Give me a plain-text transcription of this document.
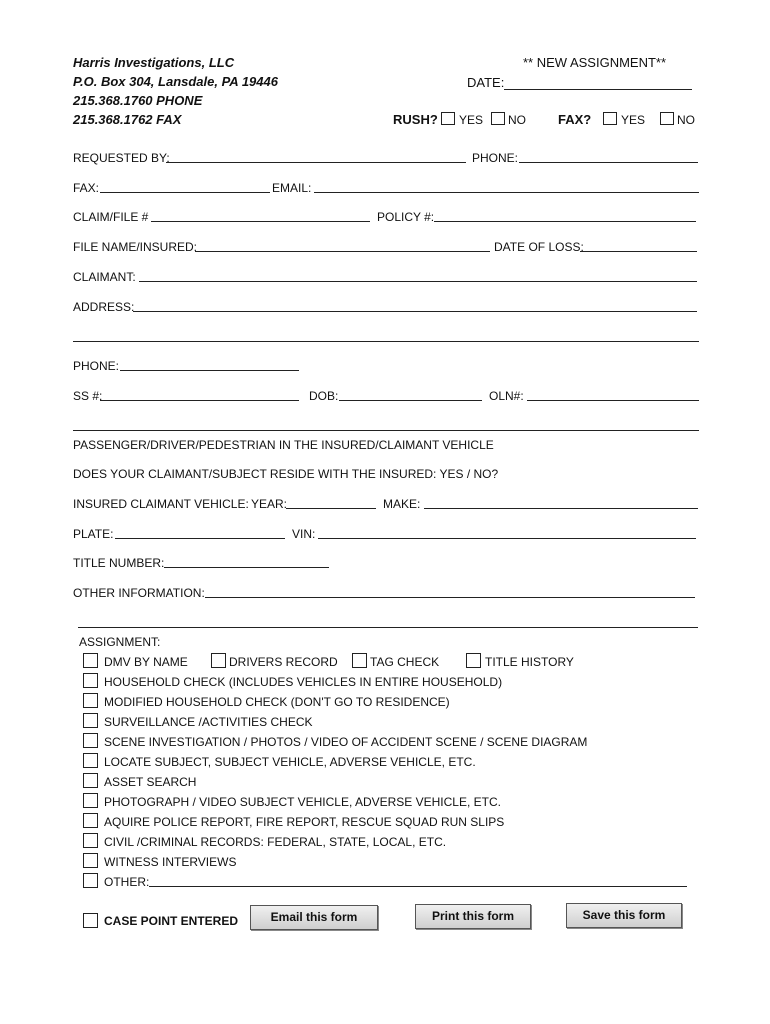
Harris Investigations, LLC
P.O. Box 304, Lansdale, PA 19446
215.368.1760 PHONE
215.368.1762 FAX
** NEW ASSIGNMENT**
DATE:
RUSH? YES NO FAX? YES	NO
REQUESTED BY:	PHONE:
FAX:	EMAIL:
CLAIM/FILE #	POLICY #:
FILE NAME/INSURED:	DATE OF LOSS:
CLAIMANT:
ADDRESS:
PHONE:
SS #:	DOB:	OLN#:
PASSENGER/DRIVER/PEDESTRIAN IN THE INSURED/CLAIMANT VEHICLE
DOES YOUR CLAIMANT/SUBJECT RESIDE WITH THE INSURED: YES / NO?
INSURED CLAIMANT VEHICLE: YEAR:	MAKE:
PLATE:	VIN:
TITLE NUMBER:
OTHER INFORMATION:
ASSIGNMENT:
DMV BY NAME	DRIVERS RECORD	TAG CHECK	TITLE HISTORY
HOUSEHOLD CHECK (INCLUDES VEHICLES IN ENTIRE HOUSEHOLD)
MODIFIED HOUSEHOLD CHECK (DON'T GO TO RESIDENCE)
SURVEILLANCE /ACTIVITIES CHECK
SCENE INVESTIGATION / PHOTOS / VIDEO OF ACCIDENT SCENE / SCENE DIAGRAM
LOCATE SUBJECT, SUBJECT VEHICLE, ADVERSE VEHICLE, ETC.
ASSET SEARCH
PHOTOGRAPH / VIDEO SUBJECT VEHICLE, ADVERSE VEHICLE, ETC.
AQUIRE POLICE REPORT, FIRE REPORT, RESCUE SQUAD RUN SLIPS
CIVIL /CRIMINAL RECORDS: FEDERAL, STATE, LOCAL, ETC.
WITNESS INTERVIEWS
OTHER:
CASE POINT ENTERED	Email this form	Print this form	Save this form
